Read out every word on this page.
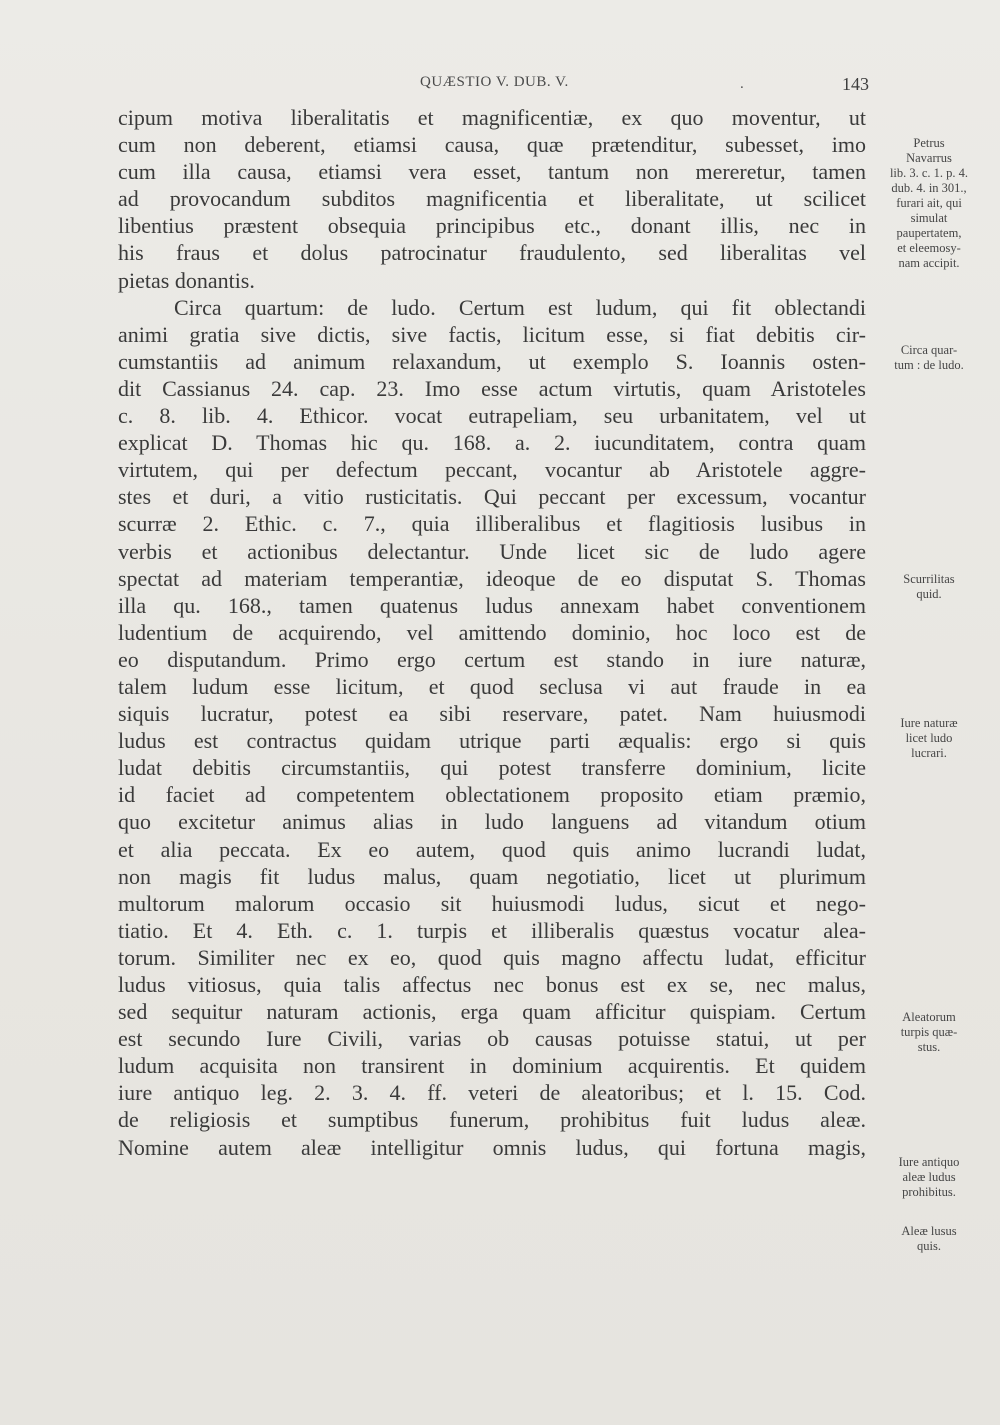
QUÆSTIO V. DUB. V.	.	143
cipum motiva liberalitatis et magnificentiæ, ex quo moventur, ut
cum non deberent, etiamsi causa, quæ prætenditur, subesset, imo
cum illa causa, etiamsi vera esset, tantum non mereretur, tamen
ad provocandum subditos magnificentia et liberalitate, ut scilicet
libentius præstent obsequia principibus etc., donant illis, nec in
his fraus et dolus patrocinatur fraudulento, sed liberalitas vel
pietas donantis.
Circa quartum: de ludo. Certum est ludum, qui fit oblectandi
animi gratia sive dictis, sive factis, licitum esse, si fiat debitis cir-
cumstantiis ad animum relaxandum, ut exemplo S. Ioannis osten-
dit Cassianus 24. cap. 23. Imo esse actum virtutis, quam Aristoteles
c. 8. lib. 4. Ethicor. vocat eutrapeliam, seu urbanitatem, vel ut
explicat D. Thomas hic qu. 168. a. 2. iucunditatem, contra quam
virtutem, qui per defectum peccant, vocantur ab Aristotele aggre-
stes et duri, a vitio rusticitatis. Qui peccant per excessum, vocantur
scurræ 2. Ethic. c. 7., quia illiberalibus et flagitiosis lusibus in
verbis et actionibus delectantur. Unde licet sic de ludo agere
spectat ad materiam temperantiæ, ideoque de eo disputat S. Thomas
illa qu. 168., tamen quatenus ludus annexam habet conventionem
ludentium de acquirendo, vel amittendo dominio, hoc loco est de
eo disputandum. Primo ergo certum est stando in iure naturæ,
talem ludum esse licitum, et quod seclusa vi aut fraude in ea
siquis lucratur, potest ea sibi reservare, patet. Nam huiusmodi
ludus est contractus quidam utrique parti æqualis: ergo si quis
ludat debitis circumstantiis, qui potest transferre dominium, licite
id faciet ad competentem oblectationem proposito etiam præmio,
quo excitetur animus alias in ludo languens ad vitandum otium
et alia peccata. Ex eo autem, quod quis animo lucrandi ludat,
non magis fit ludus malus, quam negotiatio, licet ut plurimum
multorum malorum occasio sit huiusmodi ludus, sicut et nego-
tiatio. Et 4. Eth. c. 1. turpis et illiberalis quæstus vocatur alea-
torum. Similiter nec ex eo, quod quis magno affectu ludat, efficitur
ludus vitiosus, quia talis affectus nec bonus est ex se, nec malus,
sed sequitur naturam actionis, erga quam afficitur quispiam. Certum
est secundo Iure Civili, varias ob causas potuisse statui, ut per
ludum acquisita non transirent in dominium acquirentis. Et quidem
iure antiquo leg. 2. 3. 4. ff. veteri de aleatoribus; et l. 15. Cod.
de religiosis et sumptibus funerum, prohibitus fuit ludus aleæ.
Nomine autem aleæ intelligitur omnis ludus, qui fortuna magis,
Petrus
Navarrus
lib. 3. c. 1. p. 4.
dub. 4. in 301.,
furari ait, qui
simulat
paupertatem,
et eleemosy-
nam accipit.
Circa quar-
tum : de ludo.
Scurrilitas
quid.
Iure naturæ
licet ludo
lucrari.
Aleatorum
turpis quæ-
stus.
Iure antiquo
aleæ ludus
prohibitus.
Aleæ lusus
quis.
